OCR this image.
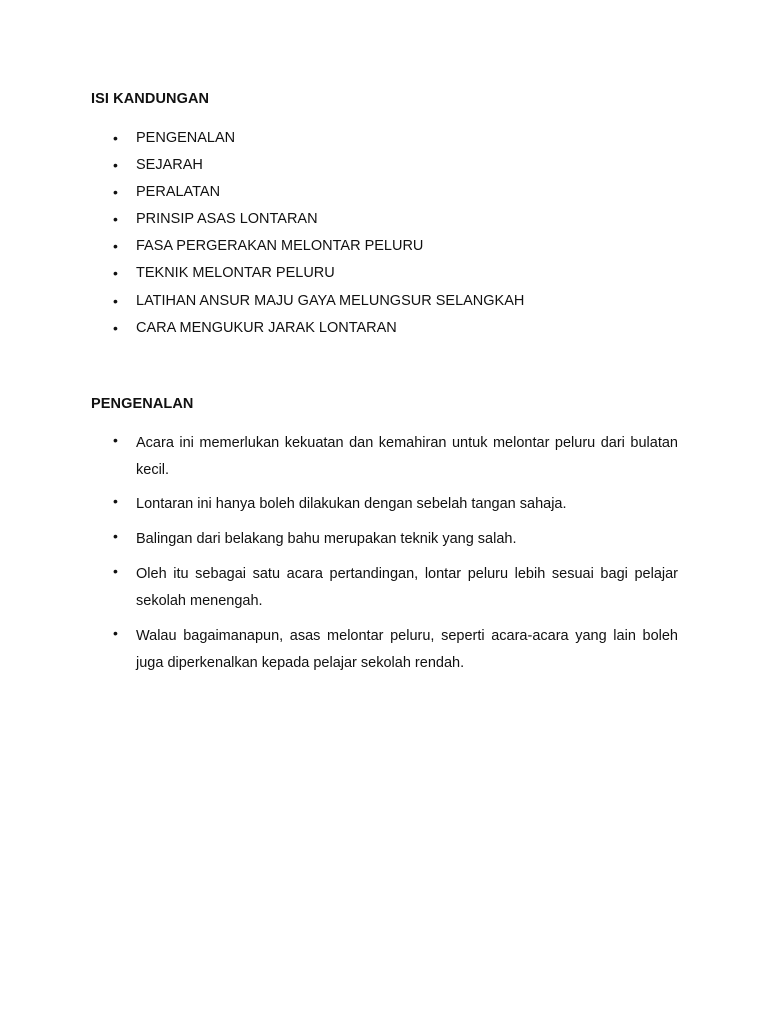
ISI KANDUNGAN
• PENGENALAN
• SEJARAH
• PERALATAN
• PRINSIP ASAS LONTARAN
• FASA PERGERAKAN MELONTAR PELURU
• TEKNIK MELONTAR PELURU
• LATIHAN ANSUR MAJU GAYA MELUNGSUR SELANGKAH
• CARA MENGUKUR JARAK LONTARAN
PENGENALAN
• Acara ini memerlukan kekuatan dan kemahiran untuk melontar peluru dari bulatan kecil.
• Lontaran ini hanya boleh dilakukan dengan sebelah tangan sahaja.
• Balingan dari belakang bahu merupakan teknik yang salah.
• Oleh itu sebagai satu acara pertandingan, lontar peluru lebih sesuai bagi pelajar sekolah menengah.
• Walau bagaimanapun, asas melontar peluru, seperti acara-acara yang lain boleh juga diperkenalkan kepada pelajar sekolah rendah.
